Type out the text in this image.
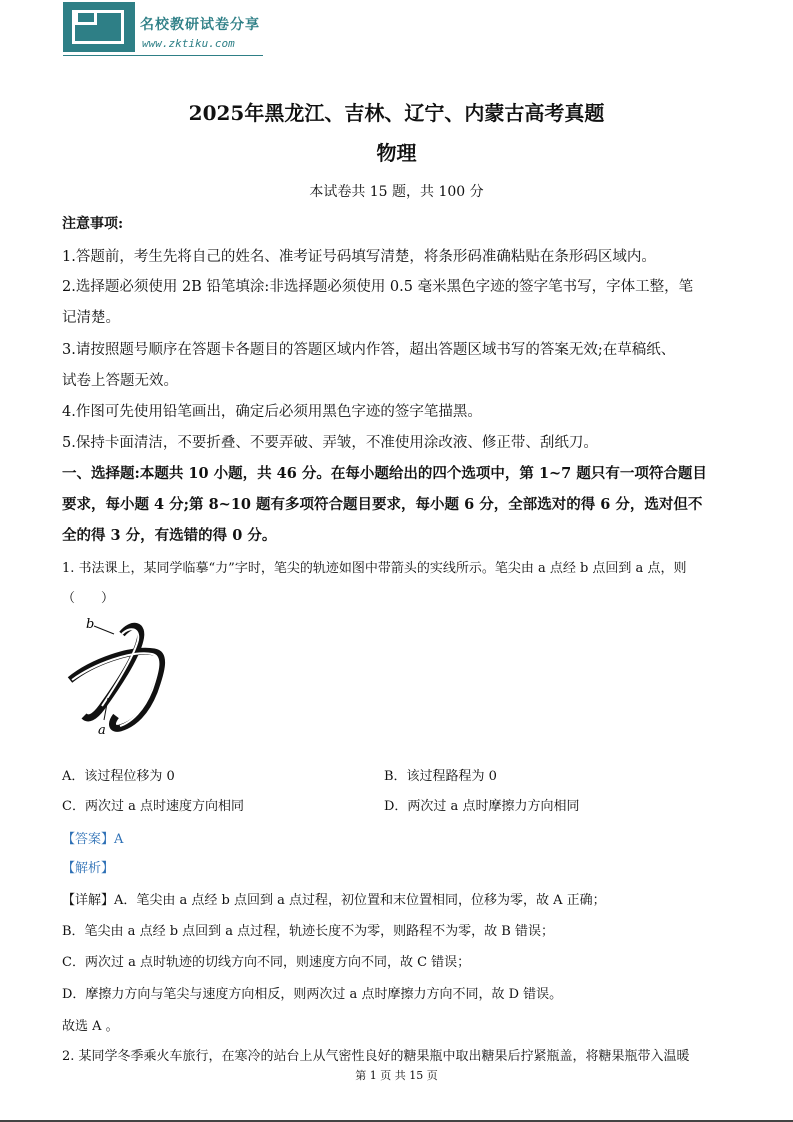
名校教研试卷分享
www.zktiku.com
2025年黑龙江、吉林、辽宁、内蒙古高考真题
物理
本试卷共 15 题，共 100 分
注意事项:
1.答题前，考生先将自己的姓名、准考证号码填写清楚，将条形码准确粘贴在条形码区域内。
2.选择题必须使用 2B 铅笔填涂:非选择题必须使用 0.5 毫米黑色字迹的签字笔书写，字体工整，笔
记清楚。
3.请按照题号顺序在答题卡各题目的答题区域内作答，超出答题区域书写的答案无效;在草稿纸、
试卷上答题无效。
4.作图可先使用铅笔画出，确定后必须用黑色字迹的签字笔描黑。
5.保持卡面清洁，不要折叠、不要弄破、弄皱，不准使用涂改液、修正带、刮纸刀。
一、选择题:本题共 10 小题，共 46 分。在每小题给出的四个选项中，第 1~7 题只有一项符合题目
要求，每小题 4 分;第 8~10 题有多项符合题目要求，每小题 6 分，全部选对的得 6 分，选对但不
全的得 3 分，有选错的得 0 分。
1. 书法课上，某同学临摹“力”字时，笔尖的轨迹如图中带箭头的实线所示。笔尖由 a 点经 b 点回到 a 点，则
（　　）
b
a
A．该过程位移为 0	B．该过程路程为 0
C．两次过 a 点时速度方向相同	D．两次过 a 点时摩擦力方向相同
【答案】A
【解析】
【详解】A．笔尖由 a 点经 b 点回到 a 点过程，初位置和末位置相同，位移为零，故 A 正确；
B．笔尖由 a 点经 b 点回到 a 点过程，轨迹长度不为零，则路程不为零，故 B 错误；
C．两次过 a 点时轨迹的切线方向不同，则速度方向不同，故 C 错误；
D．摩擦力方向与笔尖与速度方向相反，则两次过 a 点时摩擦力方向不同，故 D 错误。
故选 A 。
2. 某同学冬季乘火车旅行，在寒冷的站台上从气密性良好的糖果瓶中取出糖果后拧紧瓶盖，将糖果瓶带入温暖
第 1 页 共 15 页
